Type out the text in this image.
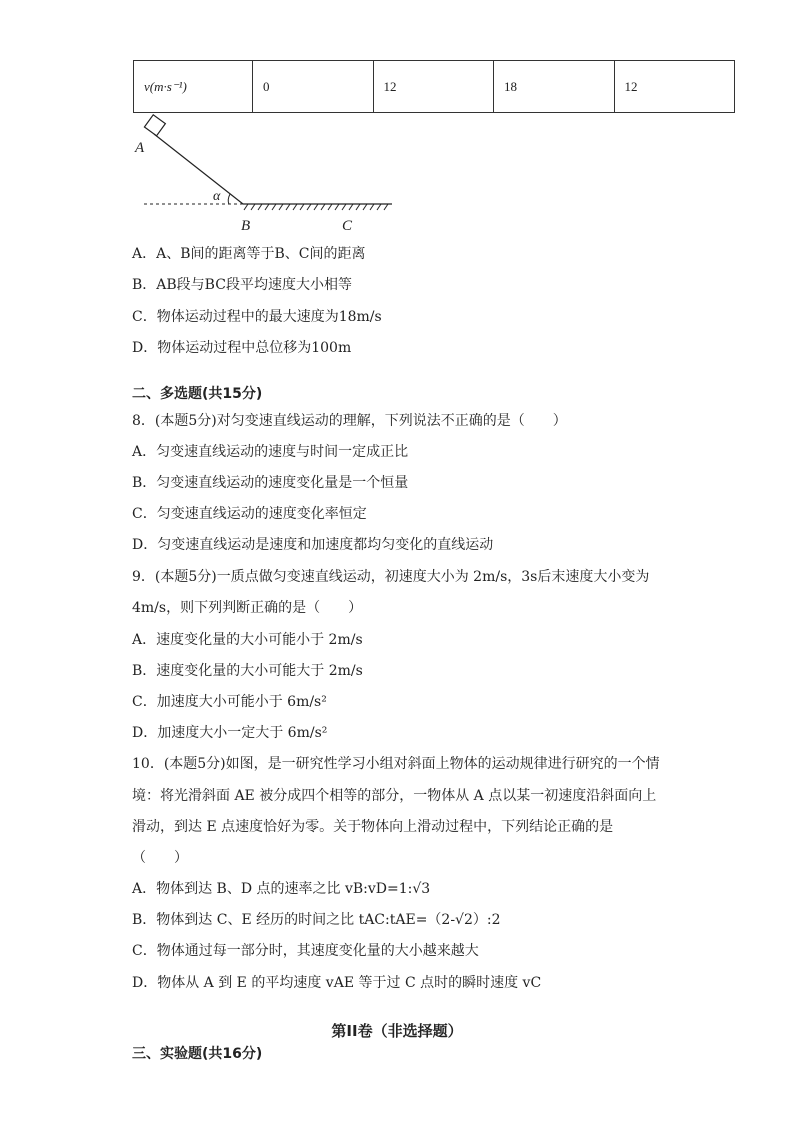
v(m·s⁻¹)	0	12	18	12
α
A
B	C
A．A、B间的距离等于B、C间的距离
B．AB段与BC段平均速度大小相等
C．物体运动过程中的最大速度为18m/s
D．物体运动过程中总位移为100m
二、多选题(共15分)
8．(本题5分)对匀变速直线运动的理解，下列说法不正确的是（　　）
A．匀变速直线运动的速度与时间一定成正比
B．匀变速直线运动的速度变化量是一个恒量
C．匀变速直线运动的速度变化率恒定
D．匀变速直线运动是速度和加速度都均匀变化的直线运动
9．(本题5分)一质点做匀变速直线运动，初速度大小为 2m/s，3s后末速度大小变为
4m/s，则下列判断正确的是（　　）
A．速度变化量的大小可能小于 2m/s
B．速度变化量的大小可能大于 2m/s
C．加速度大小可能小于 6m/s²
D．加速度大小一定大于 6m/s²
10．(本题5分)如图，是一研究性学习小组对斜面上物体的运动规律进行研究的一个情
境：将光滑斜面 AE 被分成四个相等的部分，一物体从 A 点以某一初速度沿斜面向上
滑动，到达 E 点速度恰好为零。关于物体向上滑动过程中，下列结论正确的是
（　　）
A．物体到达 B、D 点的速率之比 vB:vD=1:√3
B．物体到达 C、E 经历的时间之比 tAC:tAE=（2-√2）:2
C．物体通过每一部分时，其速度变化量的大小越来越大
D．物体从 A 到 E 的平均速度 vAE 等于过 C 点时的瞬时速度 vC
第II卷（非选择题）
三、实验题(共16分)
